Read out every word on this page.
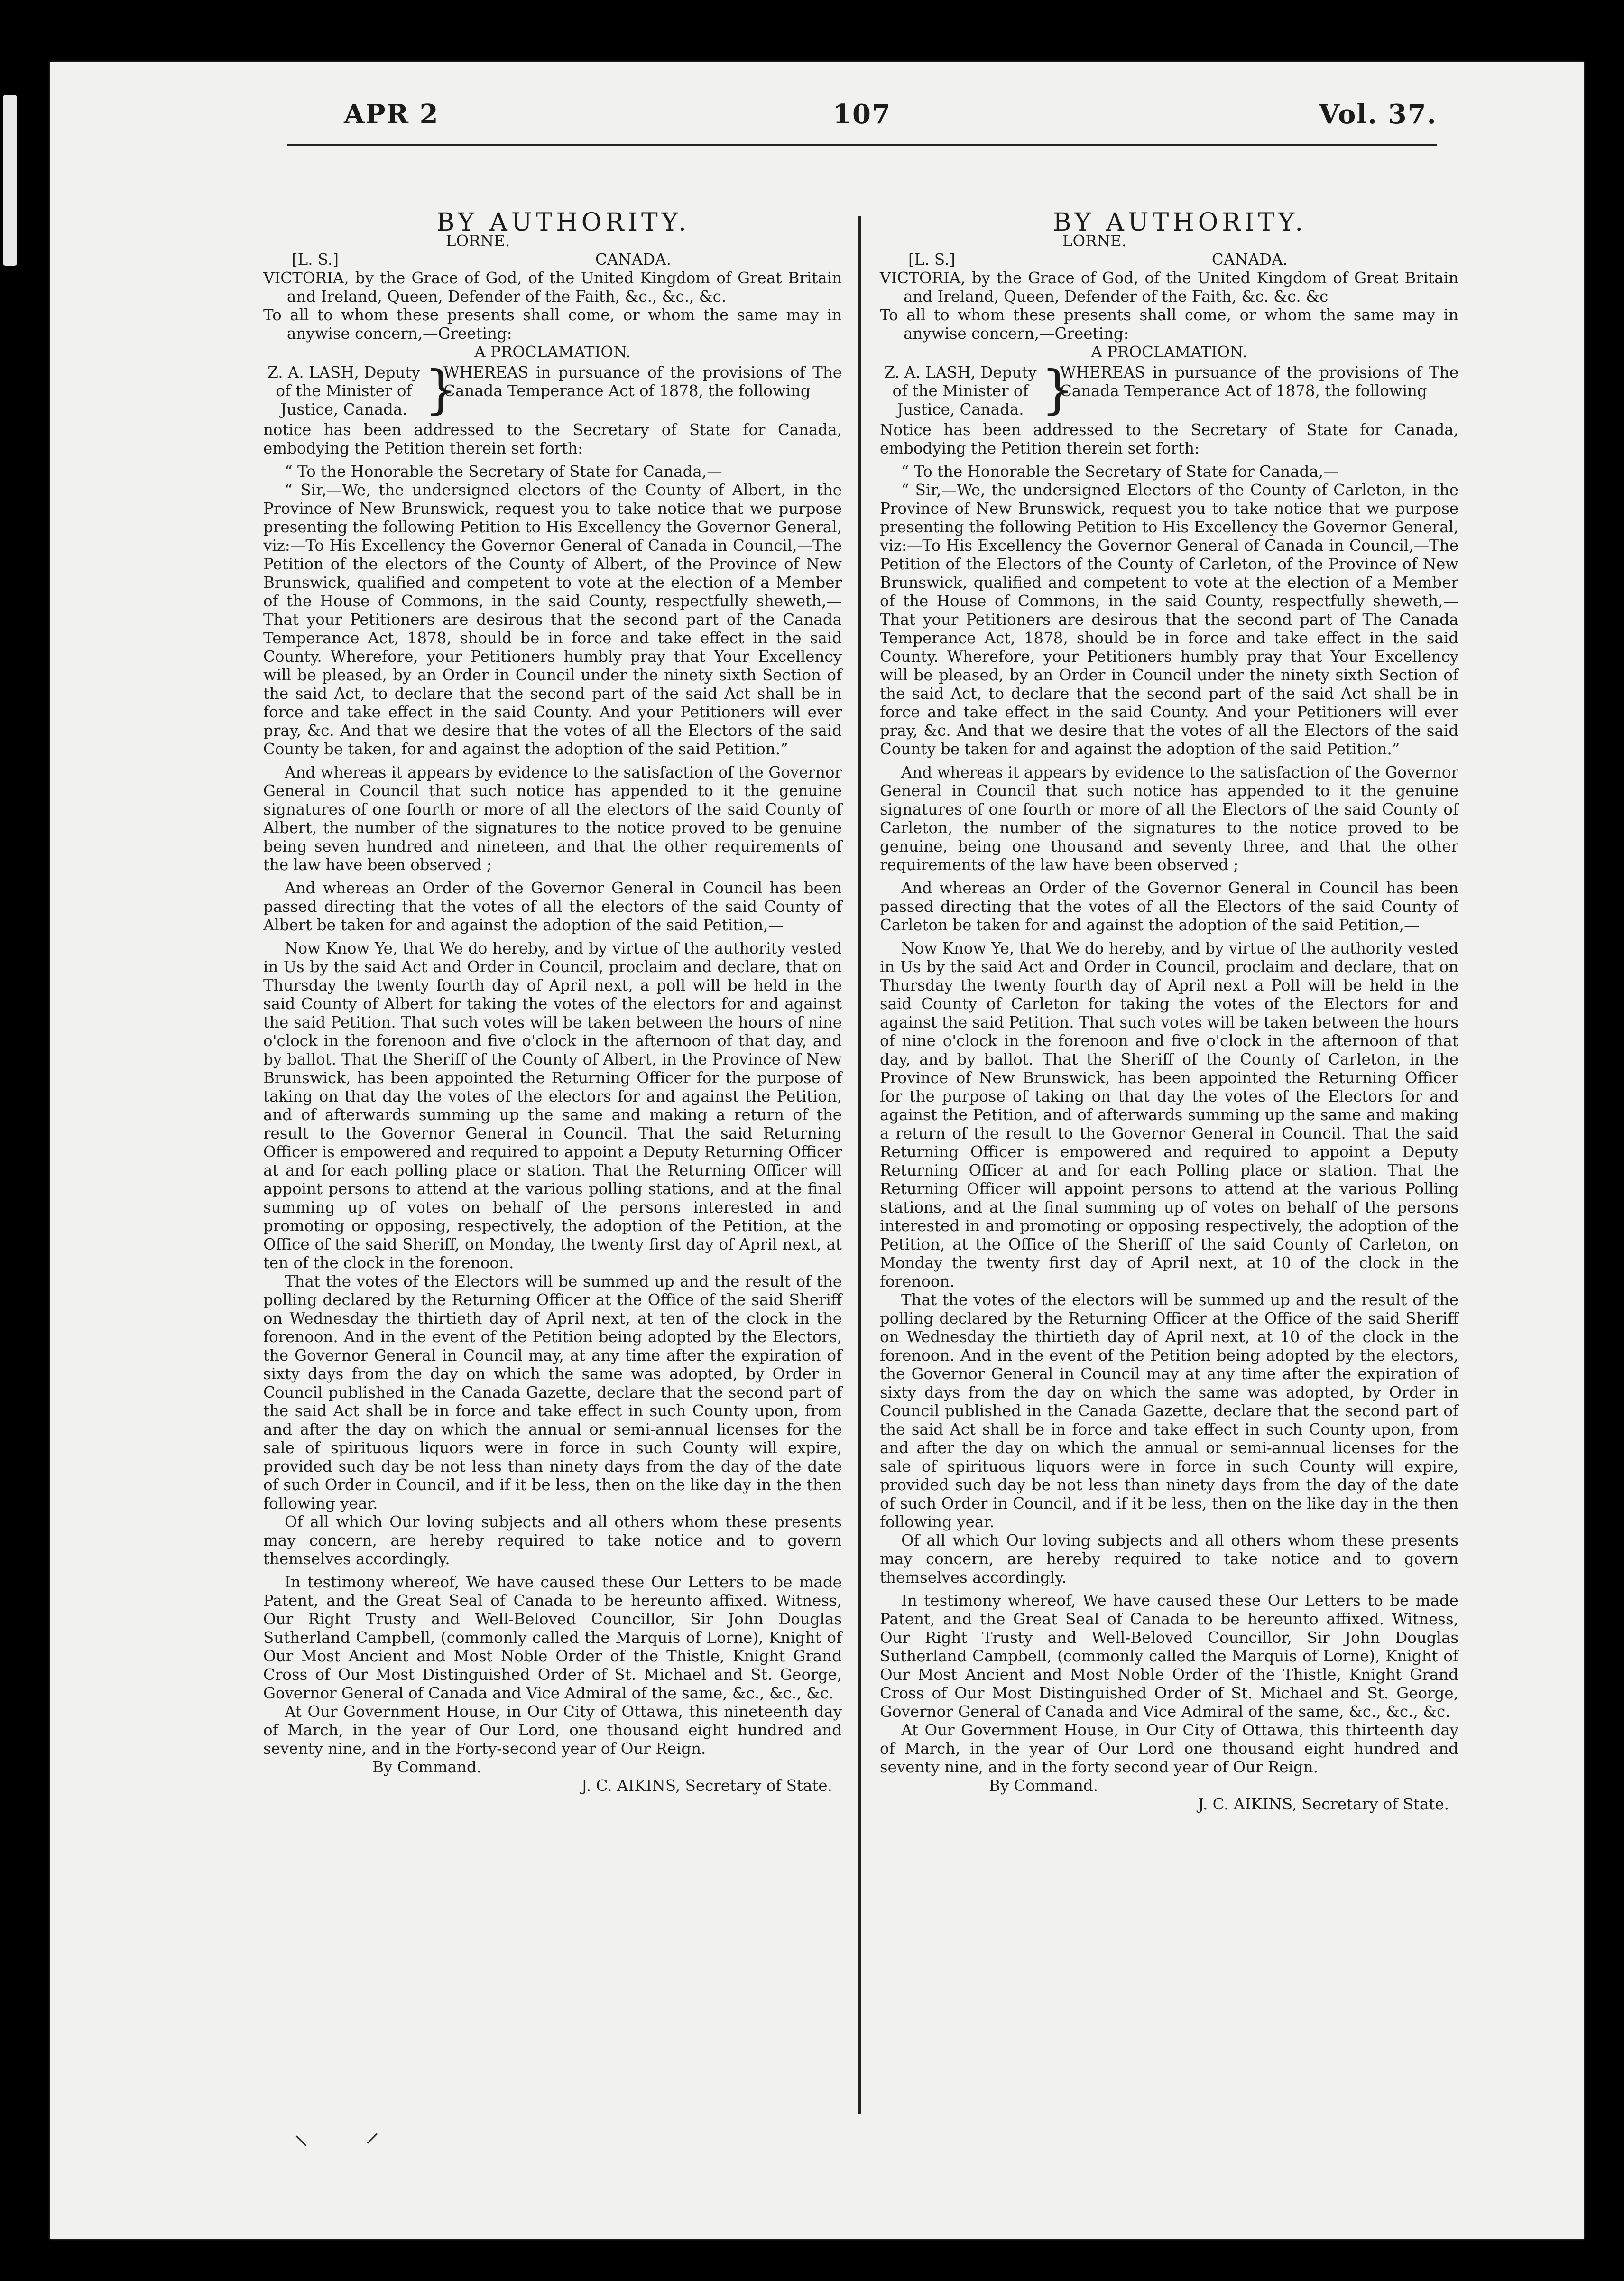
APR 2	107	Vol. 37.

BY AUTHORITY.

LORNE.

[L. S.]	CANADA.

VICTORIA, by the Grace of God, of the United Kingdom of Great Britain and Ireland, Queen, Defender of the Faith, &c., &c., &c.

To all to whom these presents shall come, or whom the same may in anywise concern,—Greeting:

A PROCLAMATION.

Z. A. LASH, Deputy of the Minister of Justice, Canada. }
WHEREAS in pursuance of the provisions of The Canada Temperance Act of 1878, the following

notice has been addressed to the Secretary of State for Canada, embodying the Petition therein set forth:

“ To the Honorable the Secretary of State for Canada,—

“ Sir,—We, the undersigned electors of the County of Albert, in the Province of New Brunswick, request you to take notice that we purpose presenting the following Petition to His Excellency the Governor General, viz:—To His Excellency the Governor General of Canada in Council,—The Petition of the electors of the County of Albert, of the Province of New Brunswick, qualified and competent to vote at the election of a Member of the House of Commons, in the said County, respectfully sheweth,—That your Petitioners are desirous that the second part of the Canada Temperance Act, 1878, should be in force and take effect in the said County. Wherefore, your Petitioners humbly pray that Your Excellency will be pleased, by an Order in Council under the ninety sixth Section of the said Act, to declare that the second part of the said Act shall be in force and take effect in the said County. And your Petitioners will ever pray, &c. And that we desire that the votes of all the Electors of the said County be taken, for and against the adoption of the said Petition.”

And whereas it appears by evidence to the satisfaction of the Governor General in Council that such notice has appended to it the genuine signatures of one fourth or more of all the electors of the said County of Albert, the number of the signatures to the notice proved to be genuine being seven hundred and nineteen, and that the other requirements of the law have been observed ;

And whereas an Order of the Governor General in Council has been passed directing that the votes of all the electors of the said County of Albert be taken for and against the adoption of the said Petition,—

Now Know Ye, that We do hereby, and by virtue of the authority vested in Us by the said Act and Order in Council, proclaim and declare, that on Thursday the twenty fourth day of April next, a poll will be held in the said County of Albert for taking the votes of the electors for and against the said Petition. That such votes will be taken between the hours of nine o'clock in the forenoon and five o'clock in the afternoon of that day, and by ballot. That the Sheriff of the County of Albert, in the Province of New Brunswick, has been appointed the Returning Officer for the purpose of taking on that day the votes of the electors for and against the Petition, and of afterwards summing up the same and making a return of the result to the Governor General in Council. That the said Returning Officer is empowered and required to appoint a Deputy Returning Officer at and for each polling place or station. That the Returning Officer will appoint persons to attend at the various polling stations, and at the final summing up of votes on behalf of the persons interested in and promoting or opposing, respectively, the adoption of the Petition, at the Office of the said Sheriff, on Monday, the twenty first day of April next, at ten of the clock in the forenoon.

That the votes of the Electors will be summed up and the result of the polling declared by the Returning Officer at the Office of the said Sheriff on Wednesday the thirtieth day of April next, at ten of the clock in the forenoon. And in the event of the Petition being adopted by the Electors, the Governor General in Council may, at any time after the expiration of sixty days from the day on which the same was adopted, by Order in Council published in the Canada Gazette, declare that the second part of the said Act shall be in force and take effect in such County upon, from and after the day on which the annual or semi-annual licenses for the sale of spirituous liquors were in force in such County will expire, provided such day be not less than ninety days from the day of the date of such Order in Council, and if it be less, then on the like day in the then following year.

Of all which Our loving subjects and all others whom these presents may concern, are hereby required to take notice and to govern themselves accordingly.

In testimony whereof, We have caused these Our Letters to be made Patent, and the Great Seal of Canada to be hereunto affixed. Witness, Our Right Trusty and Well-Beloved Councillor, Sir John Douglas Sutherland Campbell, (commonly called the Marquis of Lorne), Knight of Our Most Ancient and Most Noble Order of the Thistle, Knight Grand Cross of Our Most Distinguished Order of St. Michael and St. George, Governor General of Canada and Vice Admiral of the same, &c., &c., &c.

At Our Government House, in Our City of Ottawa, this nineteenth day of March, in the year of Our Lord, one thousand eight hundred and seventy nine, and in the Forty-second year of Our Reign.

By Command.

J. C. AIKINS, Secretary of State.

BY AUTHORITY.

LORNE.

[L. S.]	CANADA.

VICTORIA, by the Grace of God, of the United Kingdom of Great Britain and Ireland, Queen, Defender of the Faith, &c. &c. &c

To all to whom these presents shall come, or whom the same may in anywise concern,—Greeting:

A PROCLAMATION.

Z. A. LASH, Deputy of the Minister of Justice, Canada. }
WHEREAS in pursuance of the provisions of The Canada Temperance Act of 1878, the following

Notice has been addressed to the Secretary of State for Canada, embodying the Petition therein set forth:

“ To the Honorable the Secretary of State for Canada,—

“ Sir,—We, the undersigned Electors of the County of Carleton, in the Province of New Brunswick, request you to take notice that we purpose presenting the following Petition to His Excellency the Governor General, viz:—To His Excellency the Governor General of Canada in Council,—The Petition of the Electors of the County of Carleton, of the Province of New Brunswick, qualified and competent to vote at the election of a Member of the House of Commons, in the said County, respectfully sheweth,—That your Petitioners are desirous that the second part of The Canada Temperance Act, 1878, should be in force and take effect in the said County. Wherefore, your Petitioners humbly pray that Your Excellency will be pleased, by an Order in Council under the ninety sixth Section of the said Act, to declare that the second part of the said Act shall be in force and take effect in the said County. And your Petitioners will ever pray, &c. And that we desire that the votes of all the Electors of the said County be taken for and against the adoption of the said Petition.”

And whereas it appears by evidence to the satisfaction of the Governor General in Council that such notice has appended to it the genuine signatures of one fourth or more of all the Electors of the said County of Carleton, the number of the signatures to the notice proved to be genuine, being one thousand and seventy three, and that the other requirements of the law have been observed ;

And whereas an Order of the Governor General in Council has been passed directing that the votes of all the Electors of the said County of Carleton be taken for and against the adoption of the said Petition,—

Now Know Ye, that We do hereby, and by virtue of the authority vested in Us by the said Act and Order in Council, proclaim and declare, that on Thursday the twenty fourth day of April next a Poll will be held in the said County of Carleton for taking the votes of the Electors for and against the said Petition. That such votes will be taken between the hours of nine o'clock in the forenoon and five o'clock in the afternoon of that day, and by ballot. That the Sheriff of the County of Carleton, in the Province of New Brunswick, has been appointed the Returning Officer for the purpose of taking on that day the votes of the Electors for and against the Petition, and of afterwards summing up the same and making a return of the result to the Governor General in Council. That the said Returning Officer is empowered and required to appoint a Deputy Returning Officer at and for each Polling place or station. That the Returning Officer will appoint persons to attend at the various Polling stations, and at the final summing up of votes on behalf of the persons interested in and promoting or opposing respectively, the adoption of the Petition, at the Office of the Sheriff of the said County of Carleton, on Monday the twenty first day of April next, at 10 of the clock in the forenoon.

That the votes of the electors will be summed up and the result of the polling declared by the Returning Officer at the Office of the said Sheriff on Wednesday the thirtieth day of April next, at 10 of the clock in the forenoon. And in the event of the Petition being adopted by the electors, the Governor General in Council may at any time after the expiration of sixty days from the day on which the same was adopted, by Order in Council published in the Canada Gazette, declare that the second part of the said Act shall be in force and take effect in such County upon, from and after the day on which the annual or semi-annual licenses for the sale of spirituous liquors were in force in such County will expire, provided such day be not less than ninety days from the day of the date of such Order in Council, and if it be less, then on the like day in the then following year.

Of all which Our loving subjects and all others whom these presents may concern, are hereby required to take notice and to govern themselves accordingly.

In testimony whereof, We have caused these Our Letters to be made Patent, and the Great Seal of Canada to be hereunto affixed. Witness, Our Right Trusty and Well-Beloved Councillor, Sir John Douglas Sutherland Campbell, (commonly called the Marquis of Lorne), Knight of Our Most Ancient and Most Noble Order of the Thistle, Knight Grand Cross of Our Most Distinguished Order of St. Michael and St. George, Governor General of Canada and Vice Admiral of the same, &c., &c., &c.

At Our Government House, in Our City of Ottawa, this thirteenth day of March, in the year of Our Lord one thousand eight hundred and seventy nine, and in the forty second year of Our Reign.

By Command.

J. C. AIKINS, Secretary of State.

⸜ ⸝
